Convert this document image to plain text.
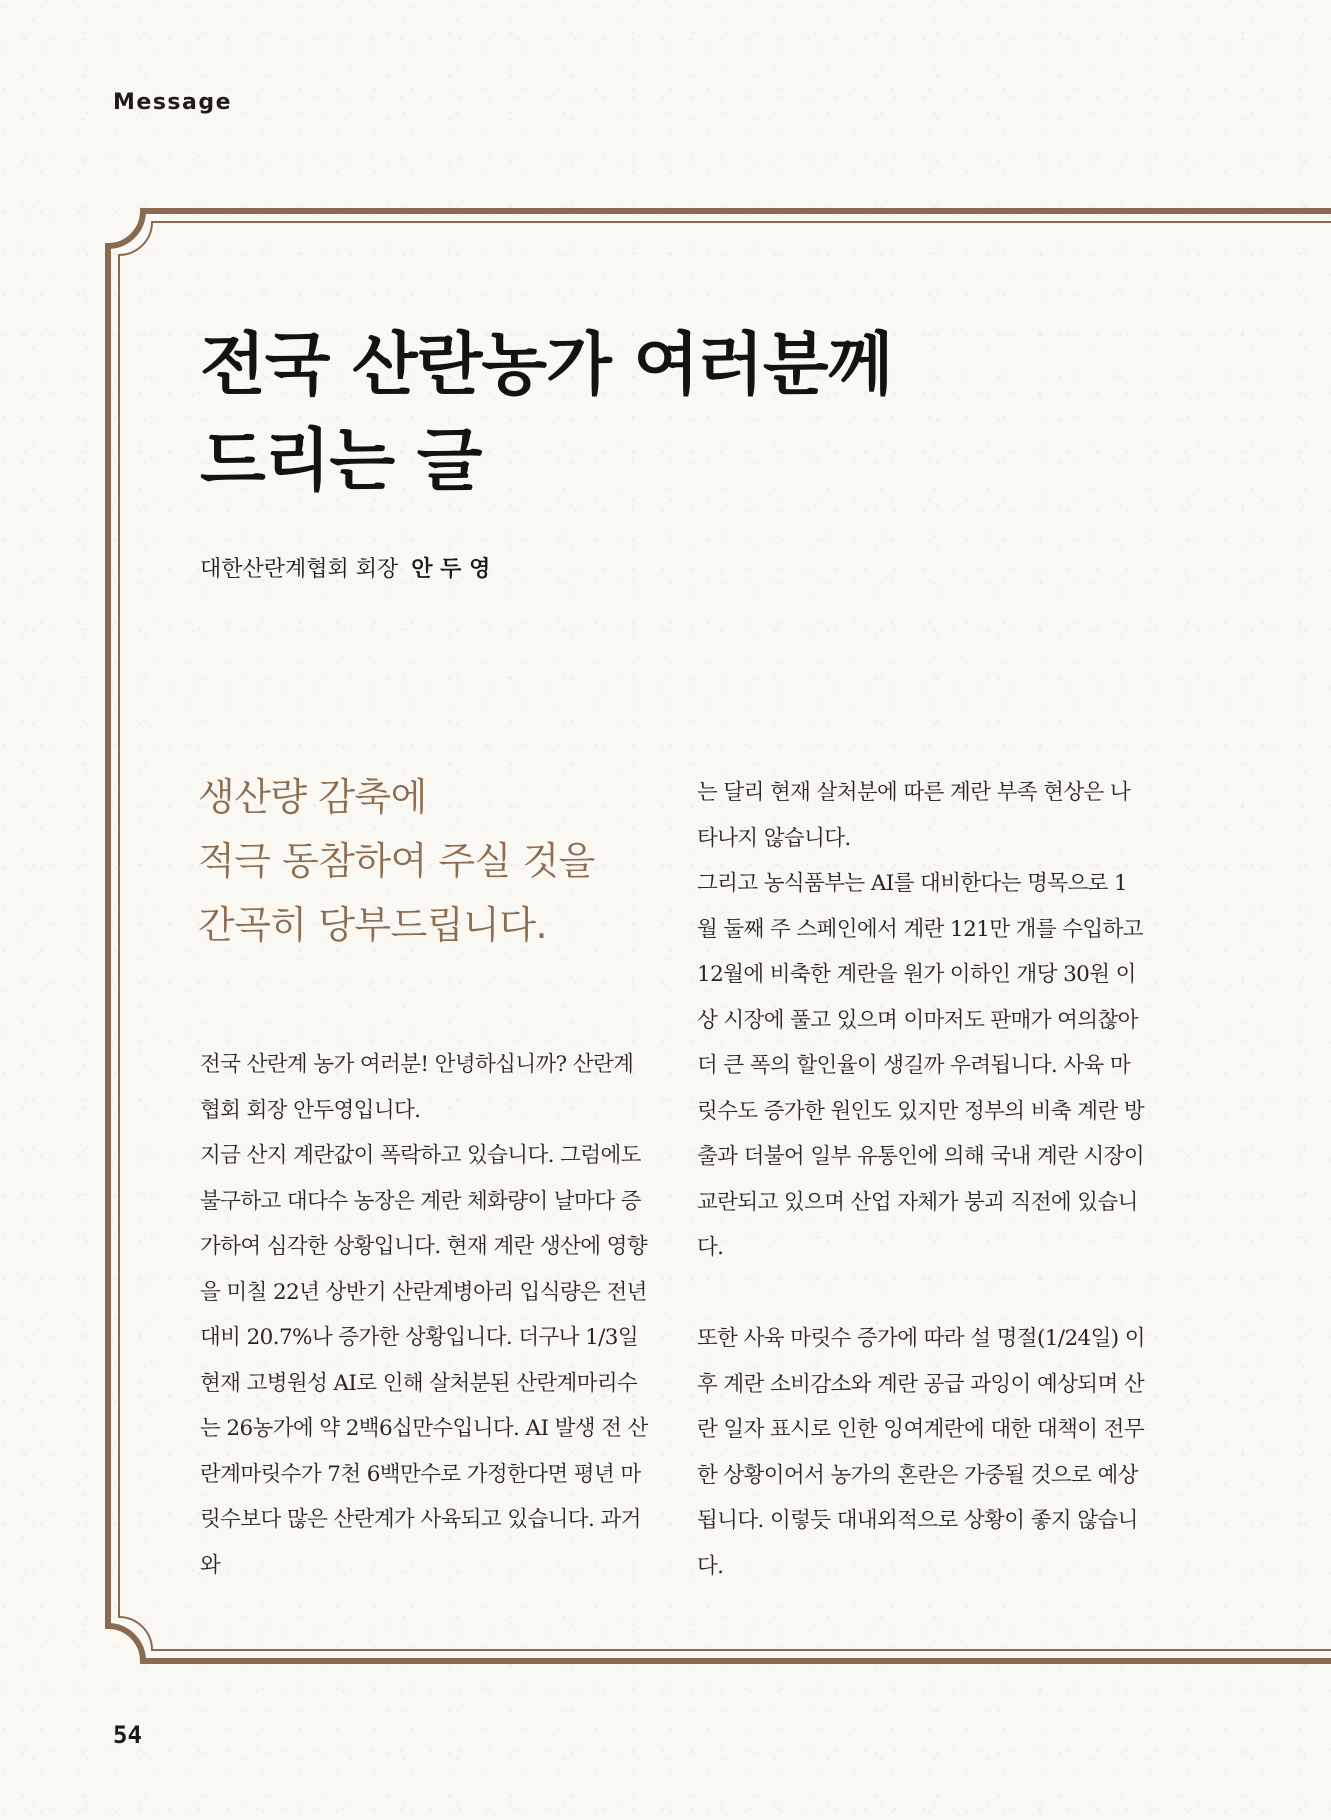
Message
전국 산란농가 여러분께
드리는 글
대한산란계협회 회장 안 두 영
생산량 감축에
적극 동참하여 주실 것을
간곡히 당부드립니다.

전국 산란계 농가 여러분! 안녕하십니까? 산란계협회 회장 안두영입니다.

지금 산지 계란값이 폭락하고 있습니다. 그럼에도 불구하고 대다수 농장은 계란 체화량이 날마다 증가하여 심각한 상황입니다. 현재 계란 생산에 영향을 미칠 22년 상반기 산란계병아리 입식량은 전년대비 20.7%나 증가한 상황입니다. 더구나 1/3일 현재 고병원성 AI로 인해 살처분된 산란계마리수는 26농가에 약 2백6십만수입니다. AI 발생 전 산란계마릿수가 7천 6백만수로 가정한다면 평년 마릿수보다 많은 산란계가 사육되고 있습니다. 과거와

는 달리 현재 살처분에 따른 계란 부족 현상은 나타나지 않습니다.

그리고 농식품부는 AI를 대비한다는 명목으로 1월 둘째 주 스페인에서 계란 121만 개를 수입하고 12월에 비축한 계란을 원가 이하인 개당 30원 이상 시장에 풀고 있으며 이마저도 판매가 여의찮아 더 큰 폭의 할인율이 생길까 우려됩니다. 사육 마릿수도 증가한 원인도 있지만 정부의 비축 계란 방출과 더불어 일부 유통인에 의해 국내 계란 시장이 교란되고 있으며 산업 자체가 붕괴 직전에 있습니다.

또한 사육 마릿수 증가에 따라 설 명절(1/24일) 이후 계란 소비감소와 계란 공급 과잉이 예상되며 산란 일자 표시로 인한 잉여계란에 대한 대책이 전무한 상황이어서 농가의 혼란은 가중될 것으로 예상됩니다. 이렇듯 대내외적으로 상황이 좋지 않습니다.

54
